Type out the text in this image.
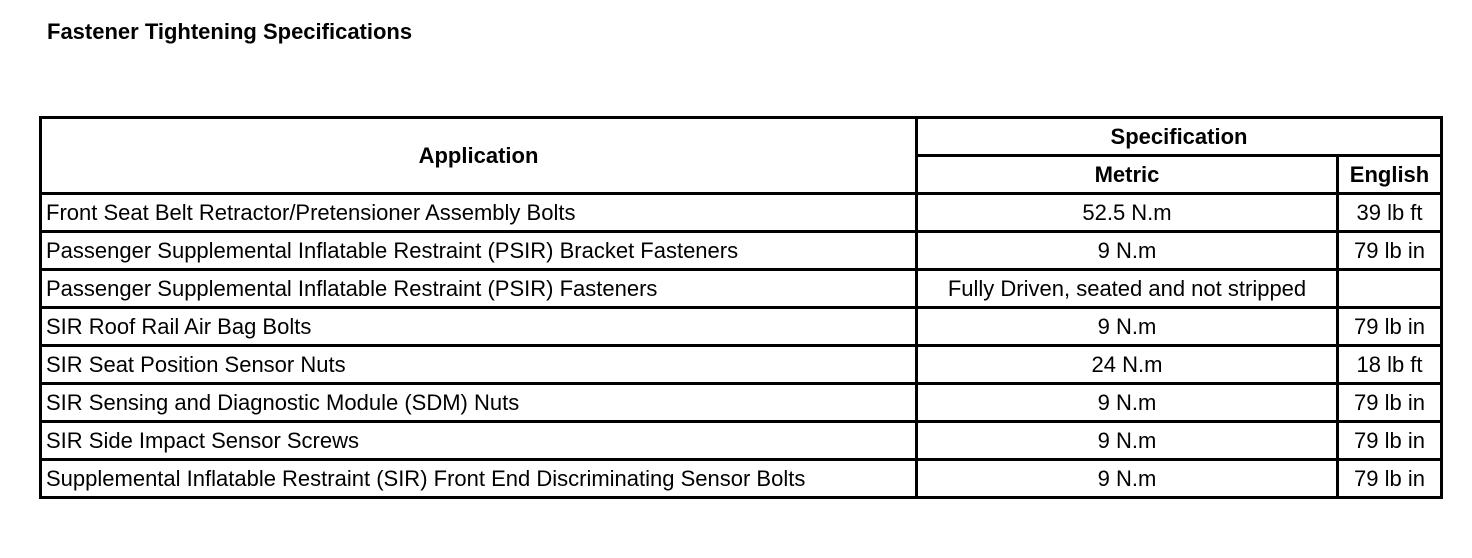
Fastener Tightening Specifications
Application	Specification	
	Metric	English
Front Seat Belt Retractor/Pretensioner Assembly Bolts	52.5 N.m	39 lb ft
Passenger Supplemental Inflatable Restraint (PSIR) Bracket Fasteners	9 N.m	79 lb in
Passenger Supplemental Inflatable Restraint (PSIR) Fasteners	Fully Driven, seated and not stripped	
SIR Roof Rail Air Bag Bolts	9 N.m	79 lb in
SIR Seat Position Sensor Nuts	24 N.m	18 lb ft
SIR Sensing and Diagnostic Module (SDM) Nuts	9 N.m	79 lb in
SIR Side Impact Sensor Screws	9 N.m	79 lb in
Supplemental Inflatable Restraint (SIR) Front End Discriminating Sensor Bolts	9 N.m	79 lb in
